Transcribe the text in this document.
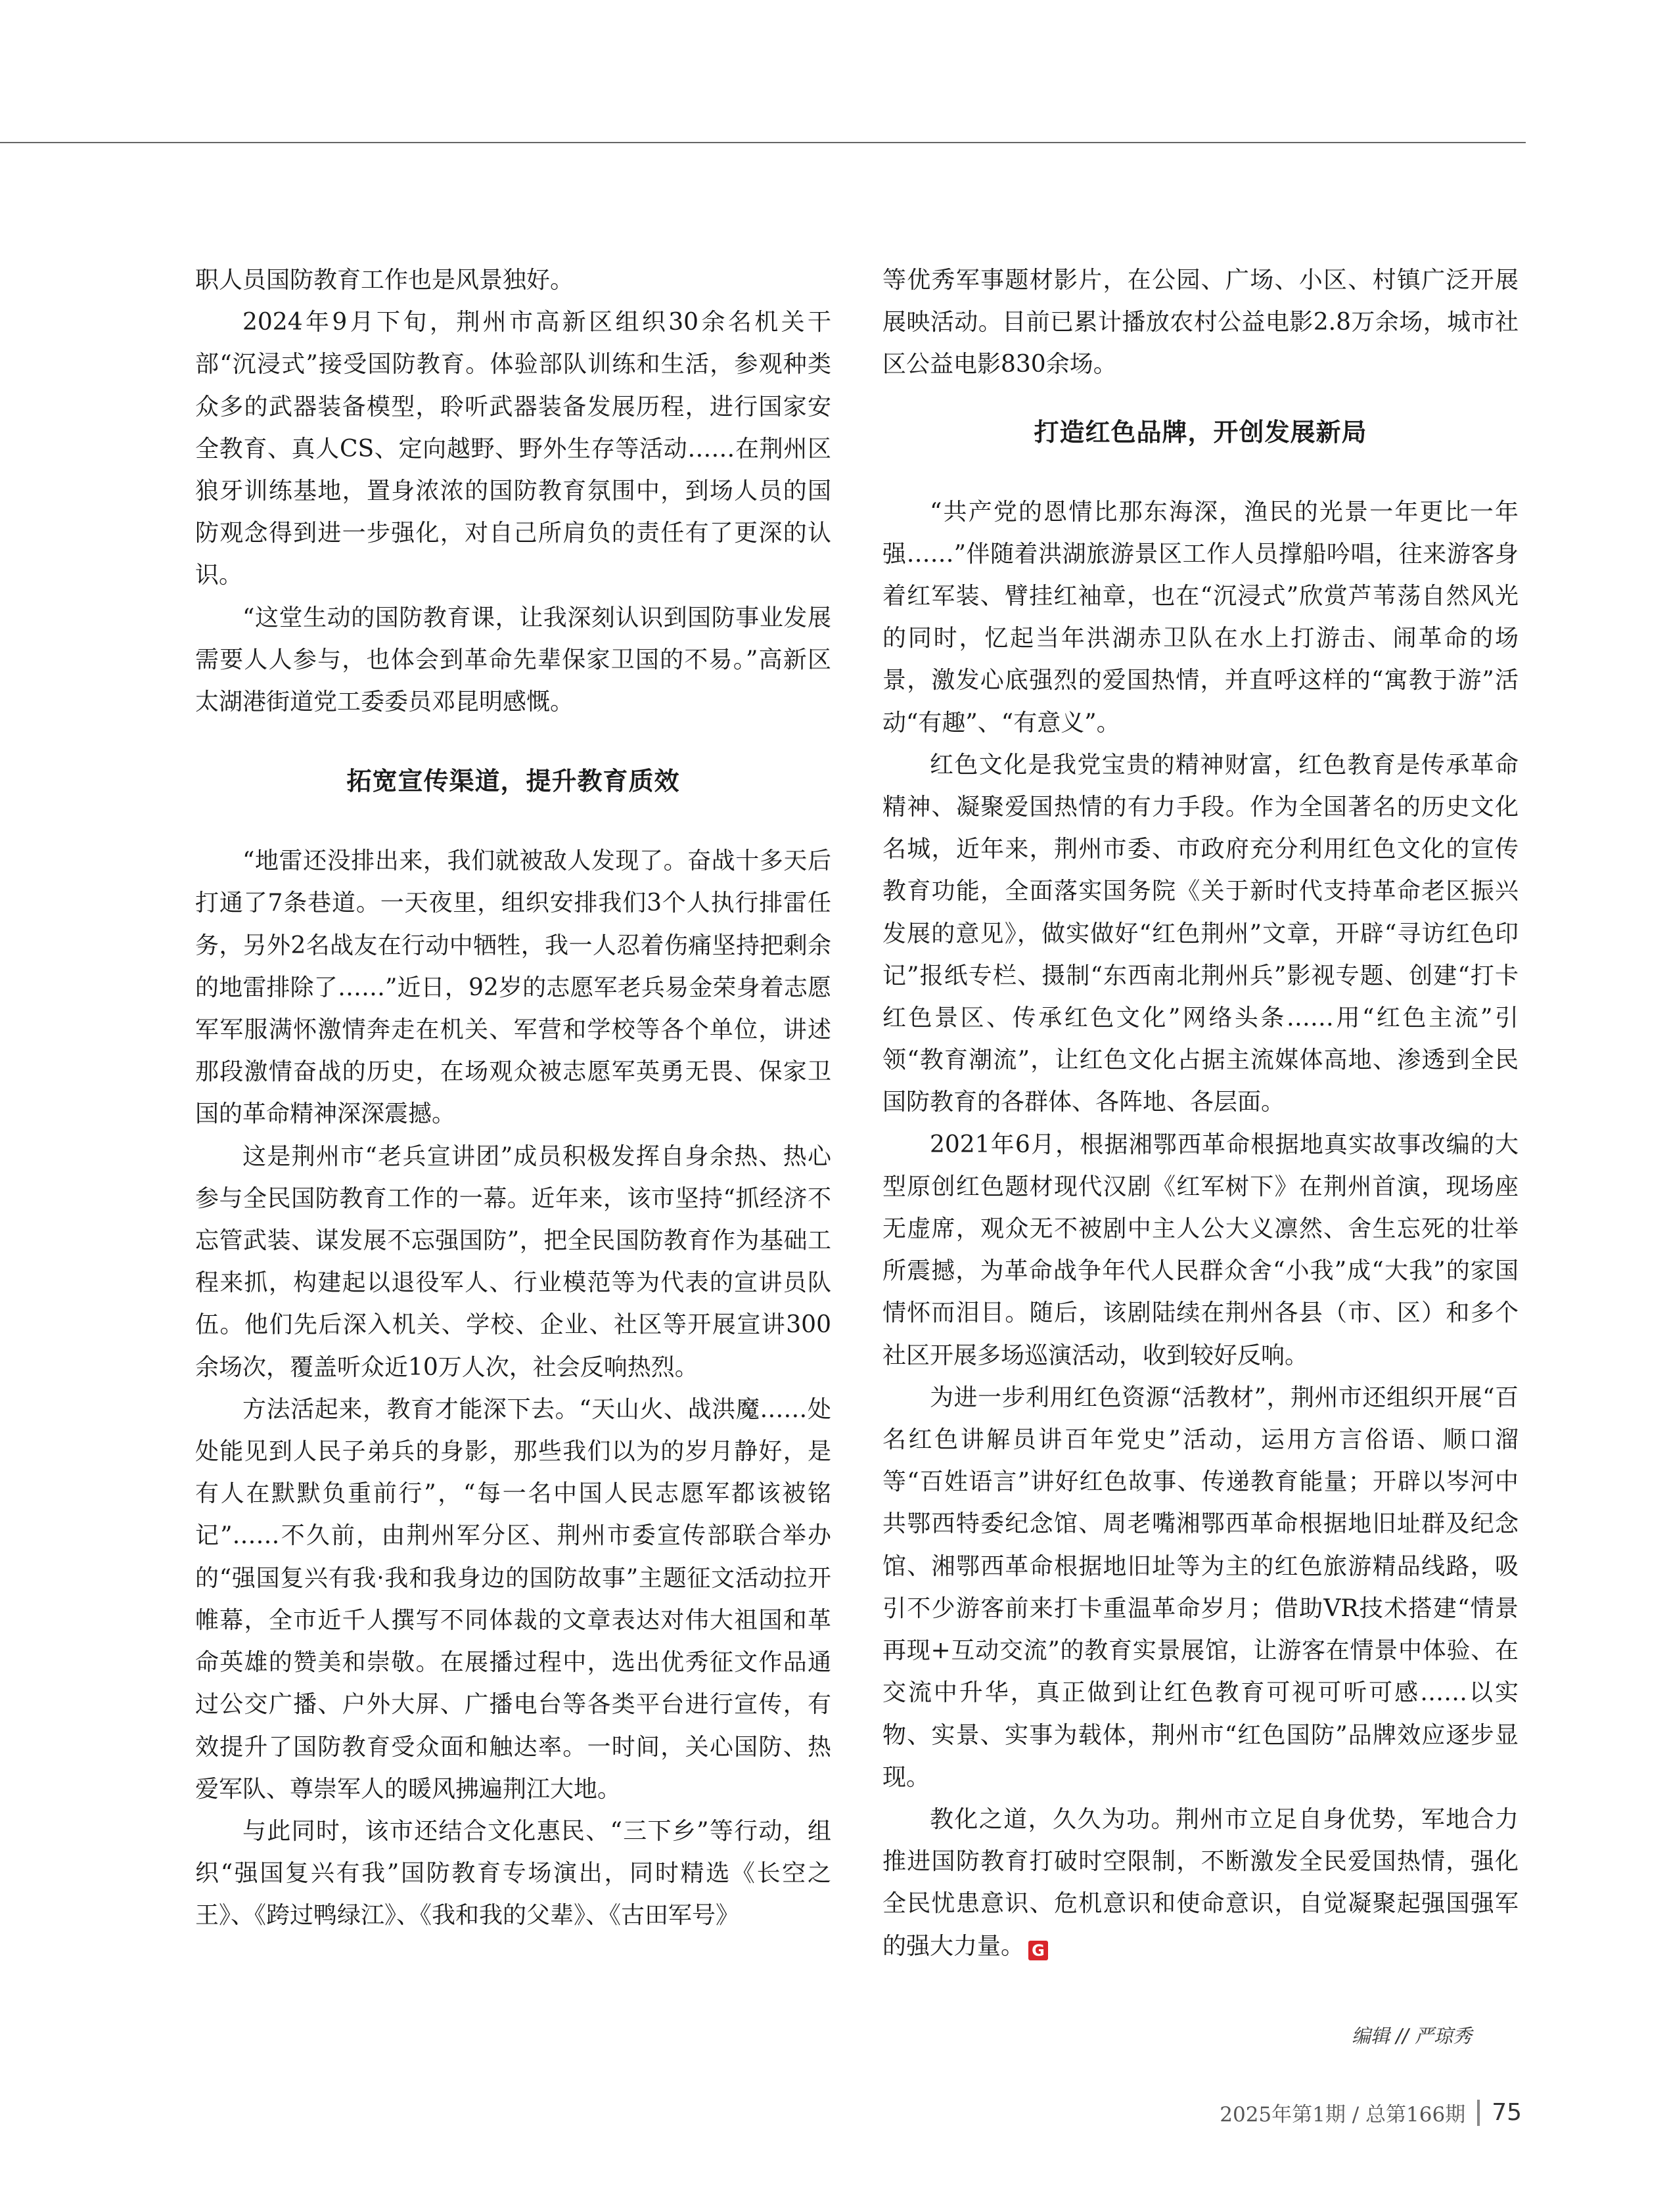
职人员国防教育工作也是风景独好。

2024年9月下旬，荆州市高新区组织30余名机关干部“沉浸式”接受国防教育。体验部队训练和生活，参观种类众多的武器装备模型，聆听武器装备发展历程，进行国家安全教育、真人CS、定向越野、野外生存等活动……在荆州区狼牙训练基地，置身浓浓的国防教育氛围中，到场人员的国防观念得到进一步强化，对自己所肩负的责任有了更深的认识。

“这堂生动的国防教育课，让我深刻认识到国防事业发展需要人人参与，也体会到革命先辈保家卫国的不易。”高新区太湖港街道党工委委员邓昆明感慨。

拓宽宣传渠道，提升教育质效

“地雷还没排出来，我们就被敌人发现了。奋战十多天后打通了7条巷道。一天夜里，组织安排我们3个人执行排雷任务，另外2名战友在行动中牺牲，我一人忍着伤痛坚持把剩余的地雷排除了……”近日，92岁的志愿军老兵易金荣身着志愿军军服满怀激情奔走在机关、军营和学校等各个单位，讲述那段激情奋战的历史，在场观众被志愿军英勇无畏、保家卫国的革命精神深深震撼。

这是荆州市“老兵宣讲团”成员积极发挥自身余热、热心参与全民国防教育工作的一幕。近年来，该市坚持“抓经济不忘管武装、谋发展不忘强国防”，把全民国防教育作为基础工程来抓，构建起以退役军人、行业模范等为代表的宣讲员队伍。他们先后深入机关、学校、企业、社区等开展宣讲300余场次，覆盖听众近10万人次，社会反响热烈。

方法活起来，教育才能深下去。“天山火、战洪魔……处处能见到人民子弟兵的身影，那些我们以为的岁月静好，是有人在默默负重前行”，“每一名中国人民志愿军都该被铭记”……不久前，由荆州军分区、荆州市委宣传部联合举办的“强国复兴有我·我和我身边的国防故事”主题征文活动拉开帷幕，全市近千人撰写不同体裁的文章表达对伟大祖国和革命英雄的赞美和崇敬。在展播过程中，选出优秀征文作品通过公交广播、户外大屏、广播电台等各类平台进行宣传，有效提升了国防教育受众面和触达率。一时间，关心国防、热爱军队、尊崇军人的暖风拂遍荆江大地。

与此同时，该市还结合文化惠民、“三下乡”等行动，组织“强国复兴有我”国防教育专场演出，同时精选《长空之王》、《跨过鸭绿江》、《我和我的父辈》、《古田军号》

等优秀军事题材影片，在公园、广场、小区、村镇广泛开展展映活动。目前已累计播放农村公益电影2.8万余场，城市社区公益电影830余场。

打造红色品牌，开创发展新局

“共产党的恩情比那东海深，渔民的光景一年更比一年强……”伴随着洪湖旅游景区工作人员撑船吟唱，往来游客身着红军装、臂挂红袖章，也在“沉浸式”欣赏芦苇荡自然风光的同时，忆起当年洪湖赤卫队在水上打游击、闹革命的场景，激发心底强烈的爱国热情，并直呼这样的“寓教于游”活动“有趣”、“有意义”。

红色文化是我党宝贵的精神财富，红色教育是传承革命精神、凝聚爱国热情的有力手段。作为全国著名的历史文化名城，近年来，荆州市委、市政府充分利用红色文化的宣传教育功能，全面落实国务院《关于新时代支持革命老区振兴发展的意见》，做实做好“红色荆州”文章，开辟“寻访红色印记”报纸专栏、摄制“东西南北荆州兵”影视专题、创建“打卡红色景区、传承红色文化”网络头条……用“红色主流”引领“教育潮流”，让红色文化占据主流媒体高地、渗透到全民国防教育的各群体、各阵地、各层面。

2021年6月，根据湘鄂西革命根据地真实故事改编的大型原创红色题材现代汉剧《红军树下》在荆州首演，现场座无虚席，观众无不被剧中主人公大义凛然、舍生忘死的壮举所震撼，为革命战争年代人民群众舍“小我”成“大我”的家国情怀而泪目。随后，该剧陆续在荆州各县（市、区）和多个社区开展多场巡演活动，收到较好反响。

为进一步利用红色资源“活教材”，荆州市还组织开展“百名红色讲解员讲百年党史”活动，运用方言俗语、顺口溜等“百姓语言”讲好红色故事、传递教育能量；开辟以岑河中共鄂西特委纪念馆、周老嘴湘鄂西革命根据地旧址群及纪念馆、湘鄂西革命根据地旧址等为主的红色旅游精品线路，吸引不少游客前来打卡重温革命岁月；借助VR技术搭建“情景再现+互动交流”的教育实景展馆，让游客在情景中体验、在交流中升华，真正做到让红色教育可视可听可感……以实物、实景、实事为载体，荆州市“红色国防”品牌效应逐步显现。

教化之道，久久为功。荆州市立足自身优势，军地合力推进国防教育打破时空限制，不断激发全民爱国热情，强化全民忧患意识、危机意识和使命意识，自觉凝聚起强国强军的强大力量。 G

编辑 // 严琼秀
2025年第1期 / 总第166期 75
